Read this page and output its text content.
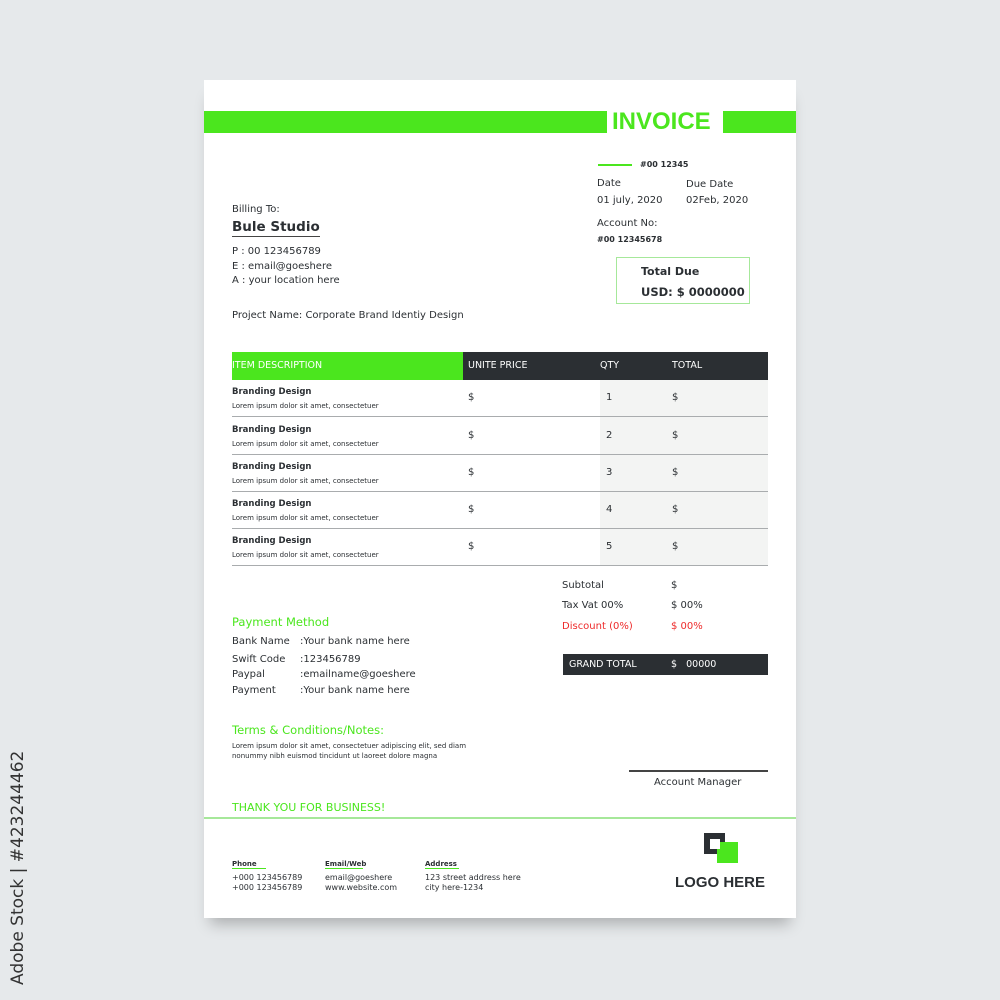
Adobe Stock | #423244462
INVOICE
#00 12345
Date	Due Date
01 july, 2020 02Feb, 2020
Account No:
#00 12345678
Total Due
USD: $ 0000000
Billing To:
Bule Studio
P : 00 123456789
E : email@goeshere
A : your location here
Project Name: Corporate Brand Identiy Design
ITEM DESCRIPTION	UNITE PRICE	QTY	TOTAL
Branding Design
Lorem ipsum dolor sit amet, consectetuer
$	1	$
Branding Design
Lorem ipsum dolor sit amet, consectetuer
$	2	$
Branding Design
Lorem ipsum dolor sit amet, consectetuer
$	3	$
Branding Design
Lorem ipsum dolor sit amet, consectetuer
$	4	$
Branding Design
Lorem ipsum dolor sit amet, consectetuer
$	5	$
Subtotal	$
Tax Vat 00%	$ 00%
Discount (0%)	$ 00%
GRAND TOTAL	$   00000
Payment Method
Bank Name :Your bank name here
Swift Code :123456789
Paypal	:emailname@goeshere
Payment :Your bank name here
Terms & Conditions/Notes:
Lorem ipsum dolor sit amet, consectetuer adipiscing elit, sed diam
nonummy nibh euismod tincidunt ut laoreet dolore magna
Account Manager
THANK YOU FOR BUSINESS!
Phone
+000 123456789
+000 123456789
Email/Web
email@goeshere
www.website.com
Address
123 street address here
city here-1234	LOGO HERE
